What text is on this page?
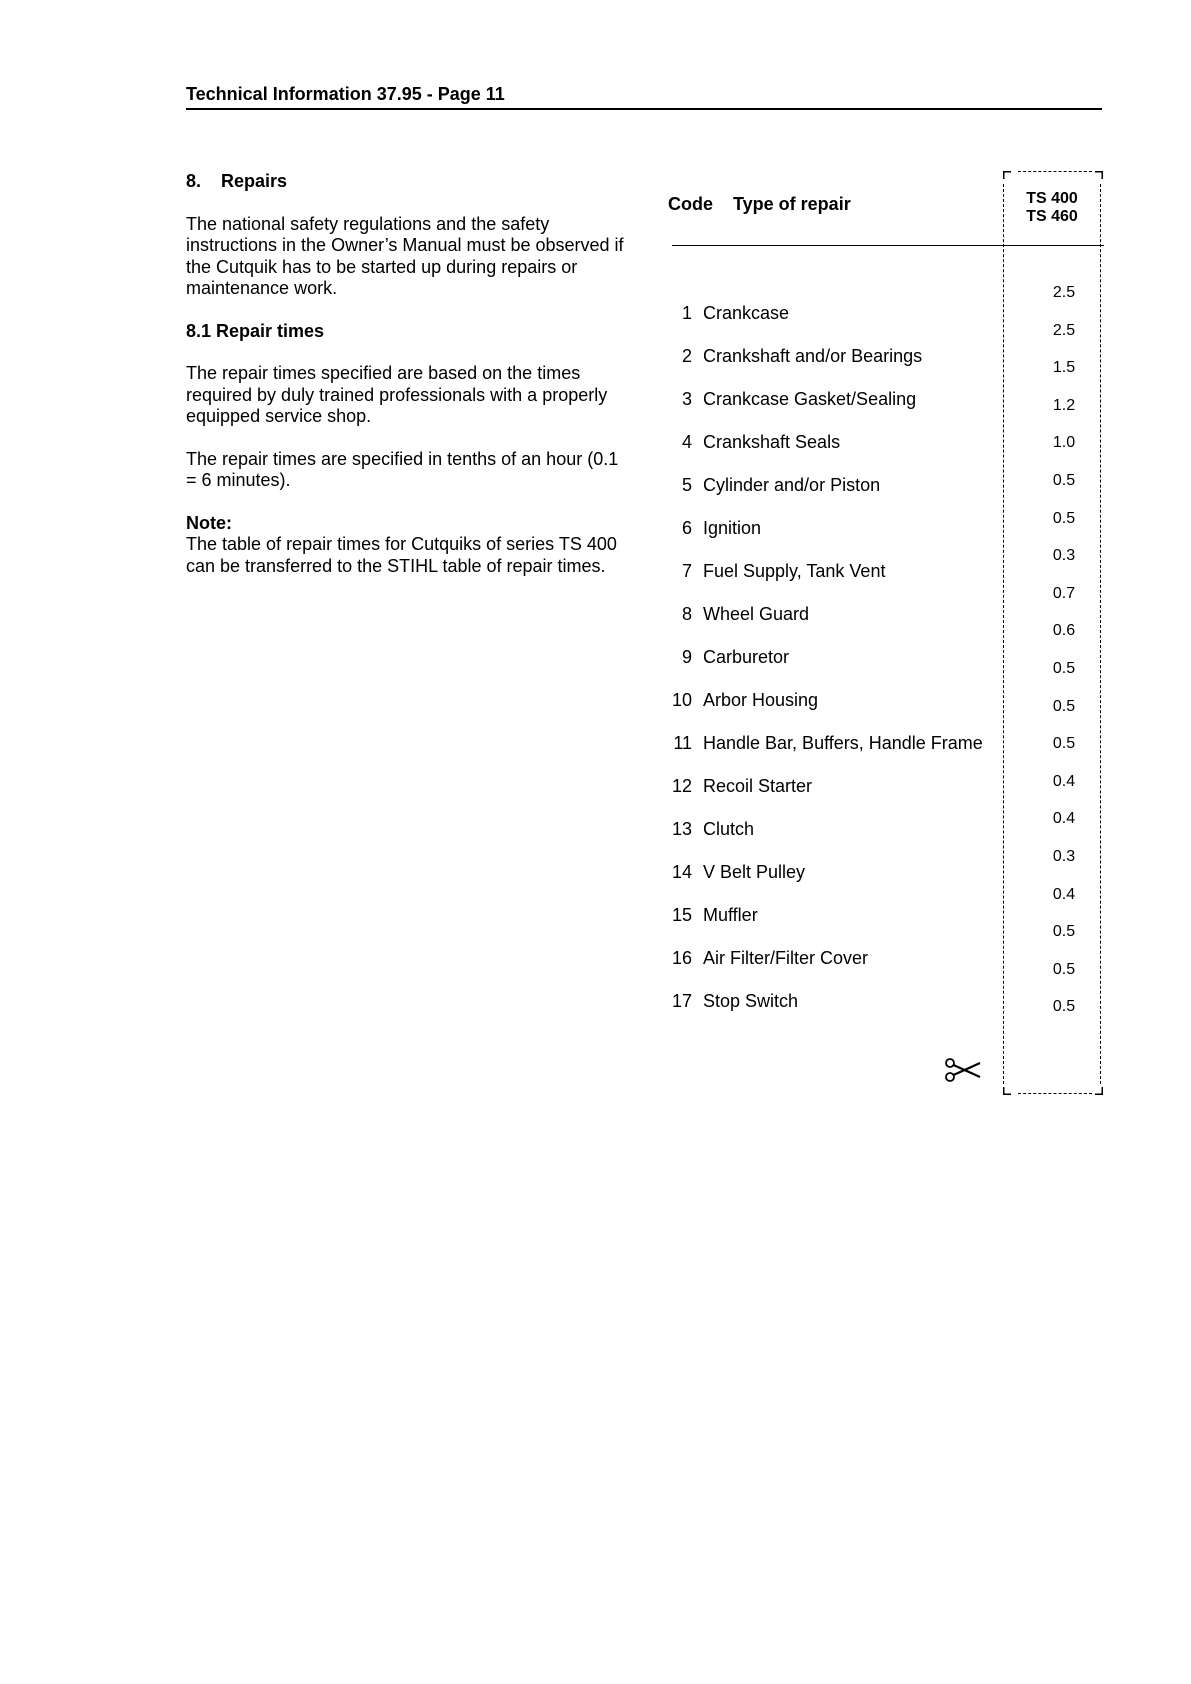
Technical Information 37.95 - Page 11
8. Repairs
The national safety regulations and the safety instructions in the Owner’s Manual must be observed if the Cutquik has to be started up during repairs or maintenance work.
8.1 Repair times
The repair times specified are based on the times required by duly trained professionals with a properly equipped service shop.
The repair times are specified in tenths of an hour (0.1 = 6 minutes).
Note:
The table of repair times for Cutquiks of series TS 400 can be transferred to the STIHL table of repair times.
Code Type of repair	TS 400
TS 460
1 Crankcase
2 Crankshaft and/or Bearings
3 Crankcase Gasket/Sealing
4 Crankshaft Seals
5 Cylinder and/or Piston
6 Ignition
7 Fuel Supply, Tank Vent
8 Wheel Guard
9 Carburetor
10 Arbor Housing
11 Handle Bar, Buffers, Handle Frame
12 Recoil Starter
13 Clutch
14 V Belt Pulley
15 Muffler
16 Air Filter/Filter Cover
17 Stop Switch
2.5
2.5
1.5
1.2
1.0
0.5
0.5
0.3
0.7
0.6
0.5
0.5
0.5
0.4
0.4
0.3
0.4
0.5
0.5
0.5
